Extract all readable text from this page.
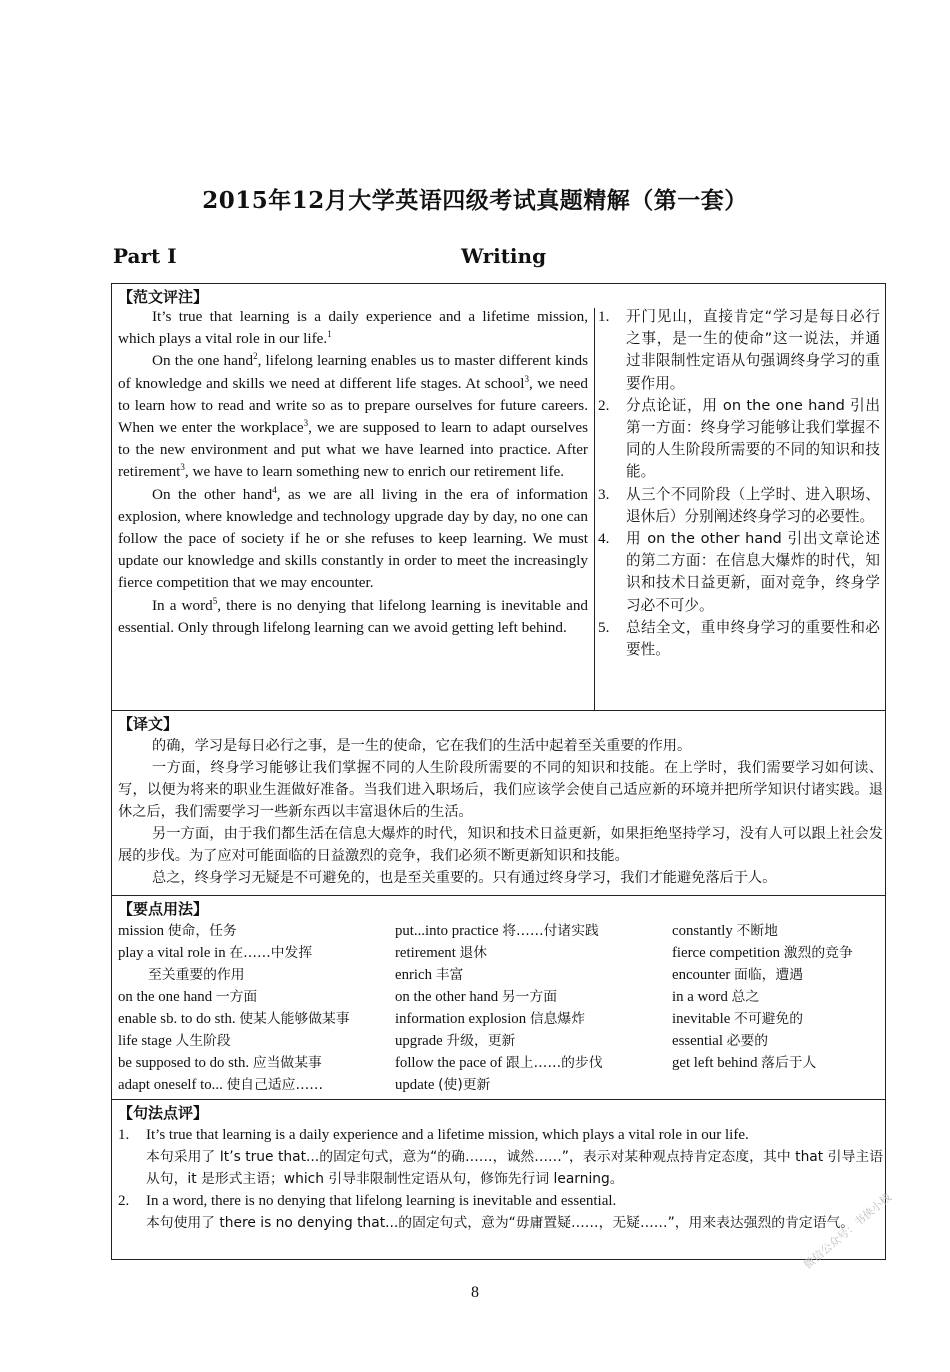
2015年12月大学英语四级考试真题精解（第一套）
Part I	Writing
【范文评注】

It’s true that learning is a daily experience and a lifetime mission, which plays a vital role in our life.$^1$

On the one hand$^2$, lifelong learning enables us to master different kinds of knowledge and skills we need at different life stages. At school$^3$, we need to learn how to read and write so as to prepare ourselves for future careers. When we enter the workplace$^3$, we are supposed to learn to adapt ourselves to the new environment and put what we have learned into practice. After retirement$^3$, we have to learn something new to enrich our retirement life.

On the other hand$^4$, as we are all living in the era of information explosion, where knowledge and technology upgrade day by day, no one can follow the pace of society if he or she refuses to keep learning. We must update our knowledge and skills constantly in order to meet the increasingly fierce competition that we may encounter.

In a word$^5$, there is no denying that lifelong learning is inevitable and essential. Only through lifelong learning can we avoid getting left behind.

1. 开门见山，直接肯定“学习是每日必行之事，是一生的使命”这一说法，并通过非限制性定语从句强调终身学习的重要作用。
2. 分点论证，用 on the one hand 引出第一方面：终身学习能够让我们掌握不同的人生阶段所需要的不同的知识和技能。
3. 从三个不同阶段（上学时、进入职场、退休后）分别阐述终身学习的必要性。
4. 用 on the other hand 引出文章论述的第二方面：在信息大爆炸的时代，知识和技术日益更新，面对竞争，终身学习必不可少。
5. 总结全文，重申终身学习的重要性和必要性。
【译文】

的确，学习是每日必行之事，是一生的使命，它在我们的生活中起着至关重要的作用。

一方面，终身学习能够让我们掌握不同的人生阶段所需要的不同的知识和技能。在上学时，我们需要学习如何读、写，以便为将来的职业生涯做好准备。当我们进入职场后，我们应该学会使自己适应新的环境并把所学知识付诸实践。退休之后，我们需要学习一些新东西以丰富退休后的生活。

另一方面，由于我们都生活在信息大爆炸的时代，知识和技术日益更新，如果拒绝坚持学习，没有人可以跟上社会发展的步伐。为了应对可能面临的日益激烈的竞争，我们必须不断更新知识和技能。

总之，终身学习无疑是不可避免的，也是至关重要的。只有通过终身学习，我们才能避免落后于人。

【要点用法】
mission 使命，任务
play a vital role in 在……中发挥
至关重要的作用
on the one hand 一方面
enable sb. to do sth. 使某人能够做某事
life stage 人生阶段
be supposed to do sth. 应当做某事
adapt oneself to... 使自己适应……
put...into practice 将……付诸实践
retirement 退休
enrich 丰富
on the other hand 另一方面
information explosion 信息爆炸
upgrade 升级，更新
follow the pace of 跟上……的步伐
update (使)更新
constantly 不断地
fierce competition 激烈的竞争
encounter 面临，遭遇
in a word 总之
inevitable 不可避免的
essential 必要的
get left behind 落后于人
【句法点评】
1. It’s true that learning is a daily experience and a lifetime mission, which plays a vital role in our life.
本句采用了 It’s true that...的固定句式，意为“的确……，诚然……”，表示对某种观点持肯定态度，其中 that 引导主语从句，it 是形式主语；which 引导非限制性定语从句，修饰先行词 learning。
2. In a word, there is no denying that lifelong learning is inevitable and essential.
本句使用了 there is no denying that...的固定句式，意为“毋庸置疑……，无疑……”，用来表达强烈的肯定语气。
8
微信公众号：书侠小栈
